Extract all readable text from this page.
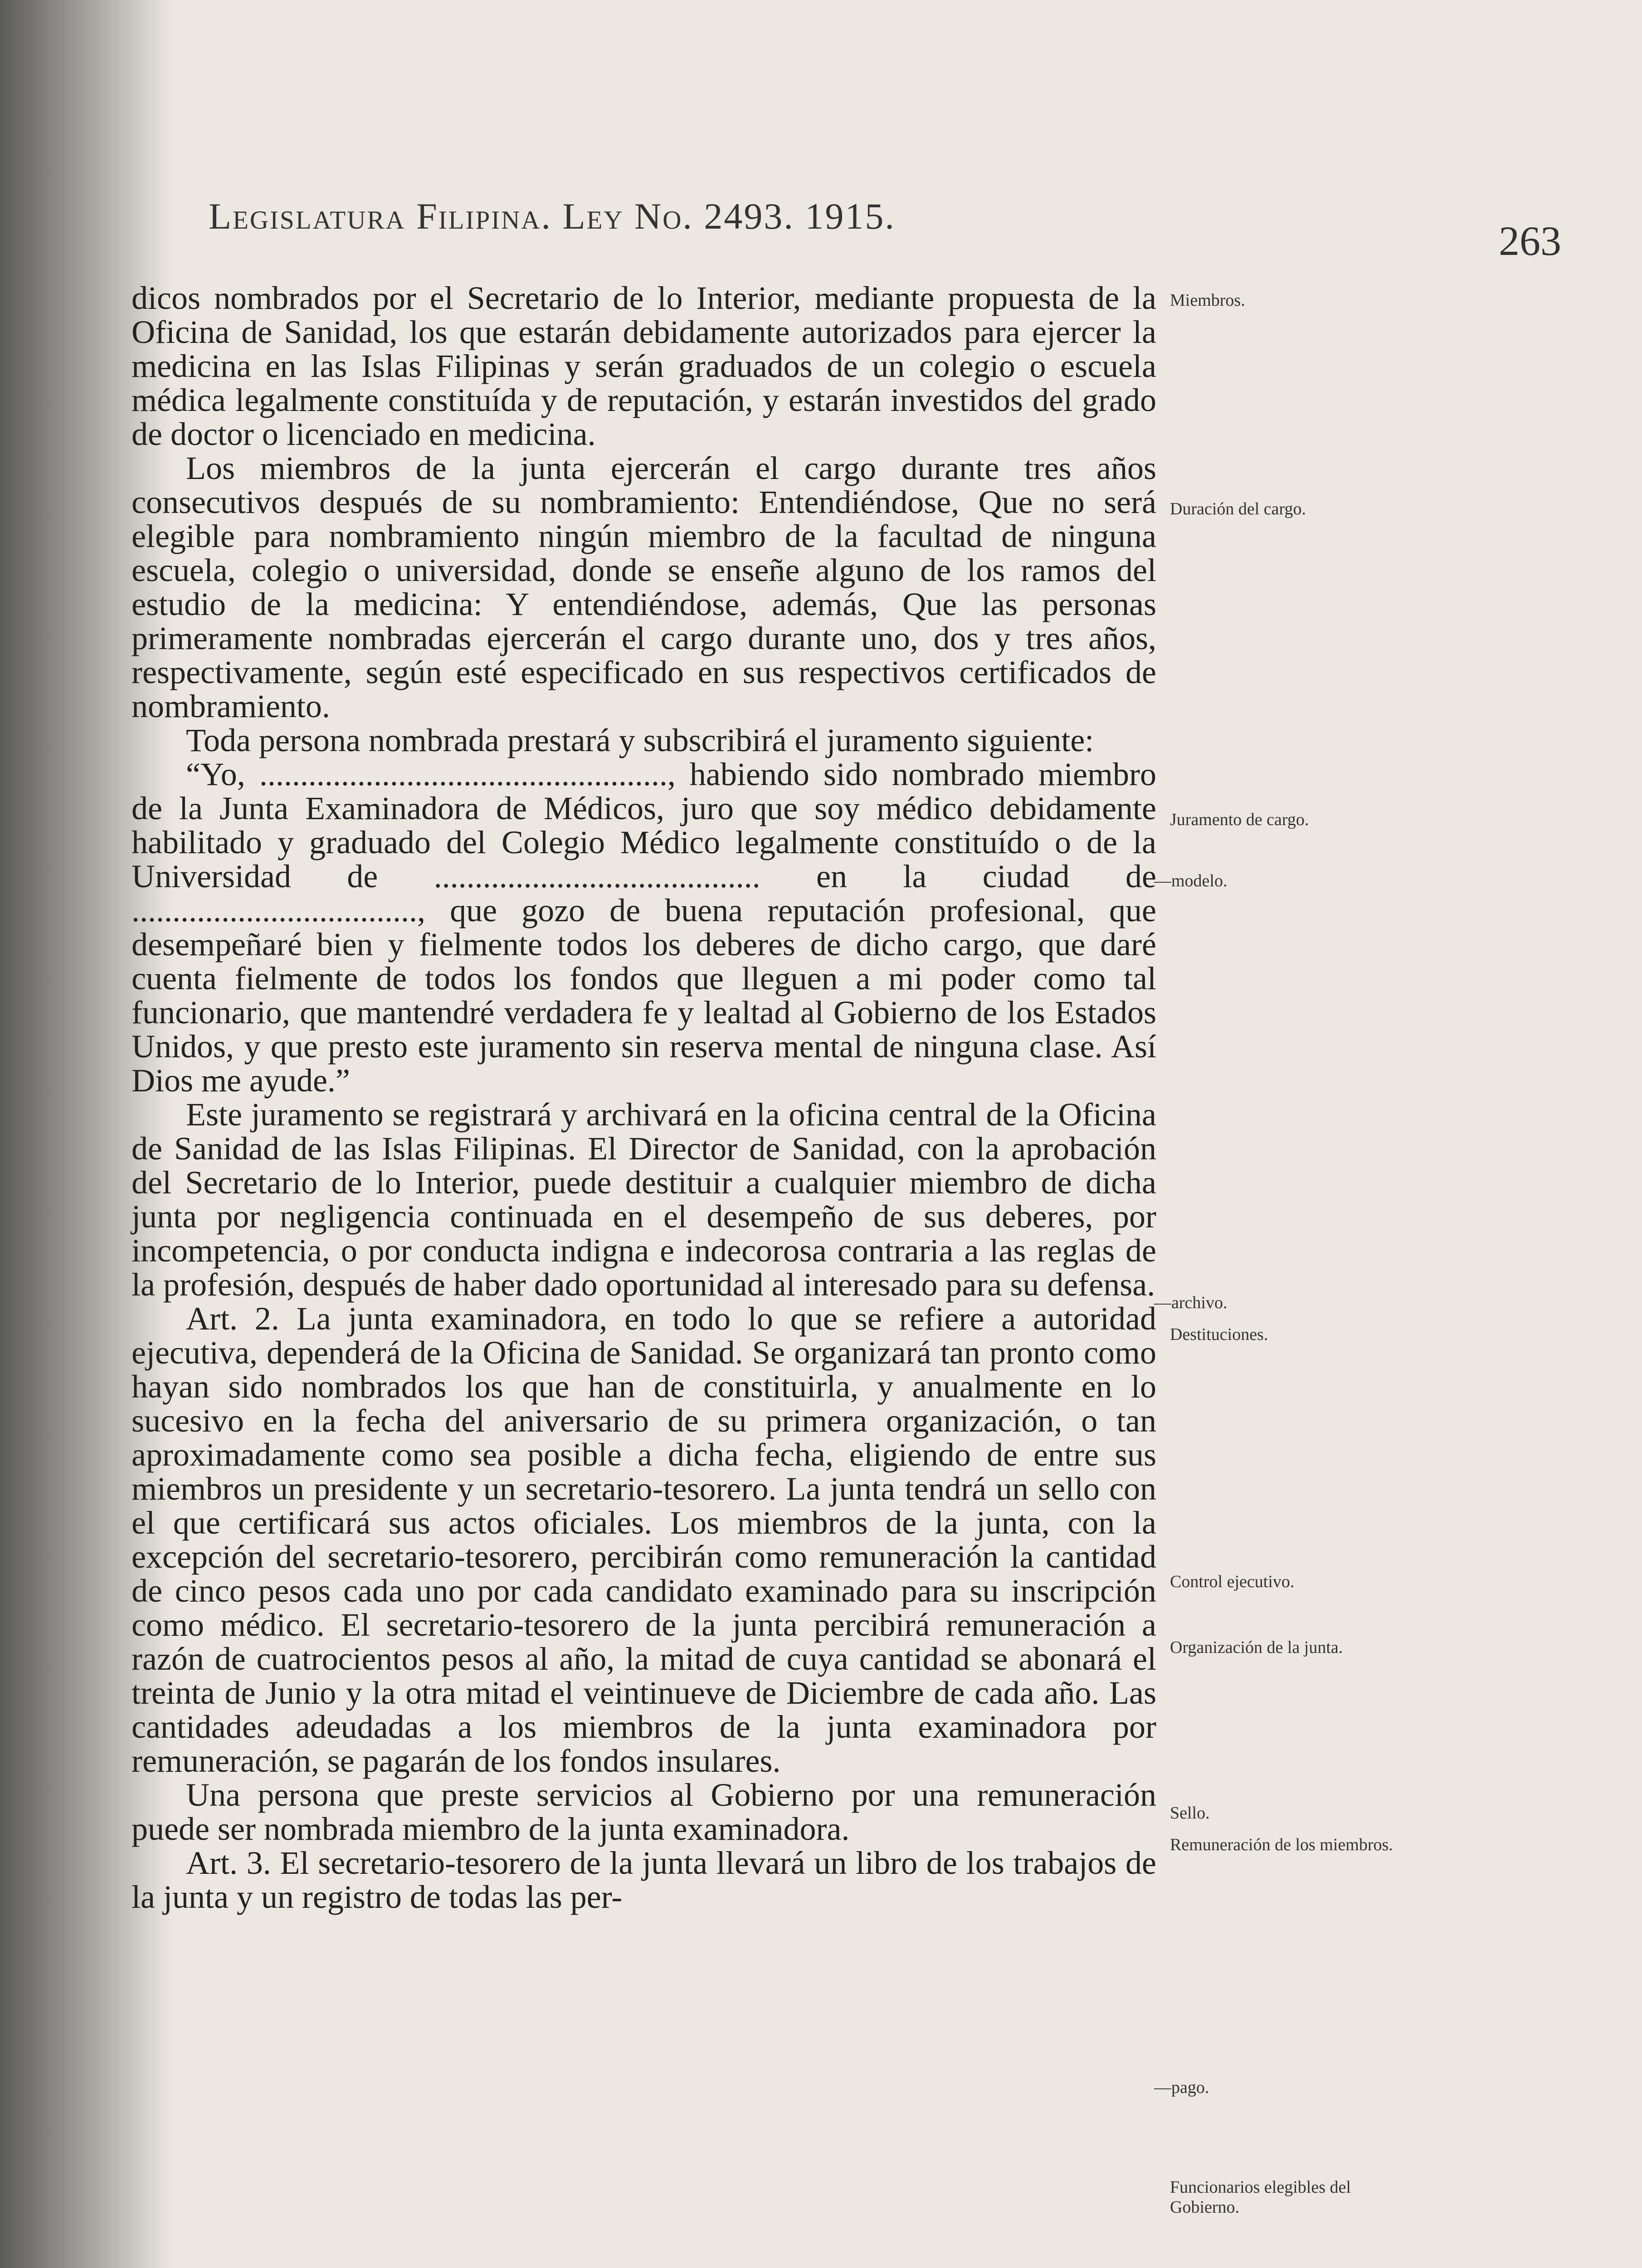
Legislatura Filipina. Ley No. 2493. 1915.
263

dicos nombrados por el Secretario de lo Interior, mediante propuesta de la Oficina de Sanidad, los que estarán debidamente autorizados para ejercer la medicina en las Islas Filipinas y serán graduados de un colegio o escuela médica legalmente constituída y de reputación, y estarán investidos del grado de doctor o licenciado en medicina.

Los miembros de la junta ejercerán el cargo durante tres años consecutivos después de su nombramiento: Entendiéndose, Que no será elegible para nombramiento ningún miembro de la facultad de ninguna escuela, colegio o universidad, donde se enseñe alguno de los ramos del estudio de la medicina: Y entendiéndose, además, Que las personas primeramente nombradas ejercerán el cargo durante uno, dos y tres años, respectivamente, según esté especificado en sus respectivos certificados de nombramiento.

Toda persona nombrada prestará y subscribirá el juramento siguiente:

“Yo, .................................................., habiendo sido nombrado miembro de la Junta Examinadora de Médicos, juro que soy médico debidamente habilitado y graduado del Colegio Médico legalmente constituído o de la Universidad de ........................................ en la ciudad de ..................................., que gozo de buena reputación profesional, que desempeñaré bien y fielmente todos los deberes de dicho cargo, que daré cuenta fielmente de todos los fondos que lleguen a mi poder como tal funcionario, que mantendré verdadera fe y lealtad al Gobierno de los Estados Unidos, y que presto este juramento sin reserva mental de ninguna clase. Así Dios me ayude.”

Este juramento se registrará y archivará en la oficina central de la Oficina de Sanidad de las Islas Filipinas. El Director de Sanidad, con la aprobación del Secretario de lo Interior, puede destituir a cualquier miembro de dicha junta por negligencia continuada en el desempeño de sus deberes, por incompetencia, o por conducta indigna e indecorosa contraria a las reglas de la profesión, después de haber dado oportunidad al interesado para su defensa.

Art. 2. La junta examinadora, en todo lo que se refiere a autoridad ejecutiva, dependerá de la Oficina de Sanidad. Se organizará tan pronto como hayan sido nombrados los que han de constituirla, y anualmente en lo sucesivo en la fecha del aniversario de su primera organización, o tan aproximadamente como sea posible a dicha fecha, eligiendo de entre sus miembros un presidente y un secretario-tesorero. La junta tendrá un sello con el que certificará sus actos oficiales. Los miembros de la junta, con la excepción del secretario-tesorero, percibirán como remuneración la cantidad de cinco pesos cada uno por cada candidato examinado para su inscripción como médico. El secretario-tesorero de la junta percibirá remuneración a razón de cuatrocientos pesos al año, la mitad de cuya cantidad se abonará el treinta de Junio y la otra mitad el veintinueve de Diciembre de cada año. Las cantidades adeudadas a los miembros de la junta examinadora por remuneración, se pagarán de los fondos insulares.

Una persona que preste servicios al Gobierno por una remuneración puede ser nombrada miembro de la junta examinadora.

Art. 3. El secretario-tesorero de la junta llevará un libro de los trabajos de la junta y un registro de todas las per-

Miembros.
Duración del cargo.
Juramento de cargo.
—modelo.
—archivo.
Destituciones.
Control ejecutivo.
Organización de la junta.
Sello.
Remuneración de los miembros.
—pago.
Funcionarios elegibles del Gobierno.
